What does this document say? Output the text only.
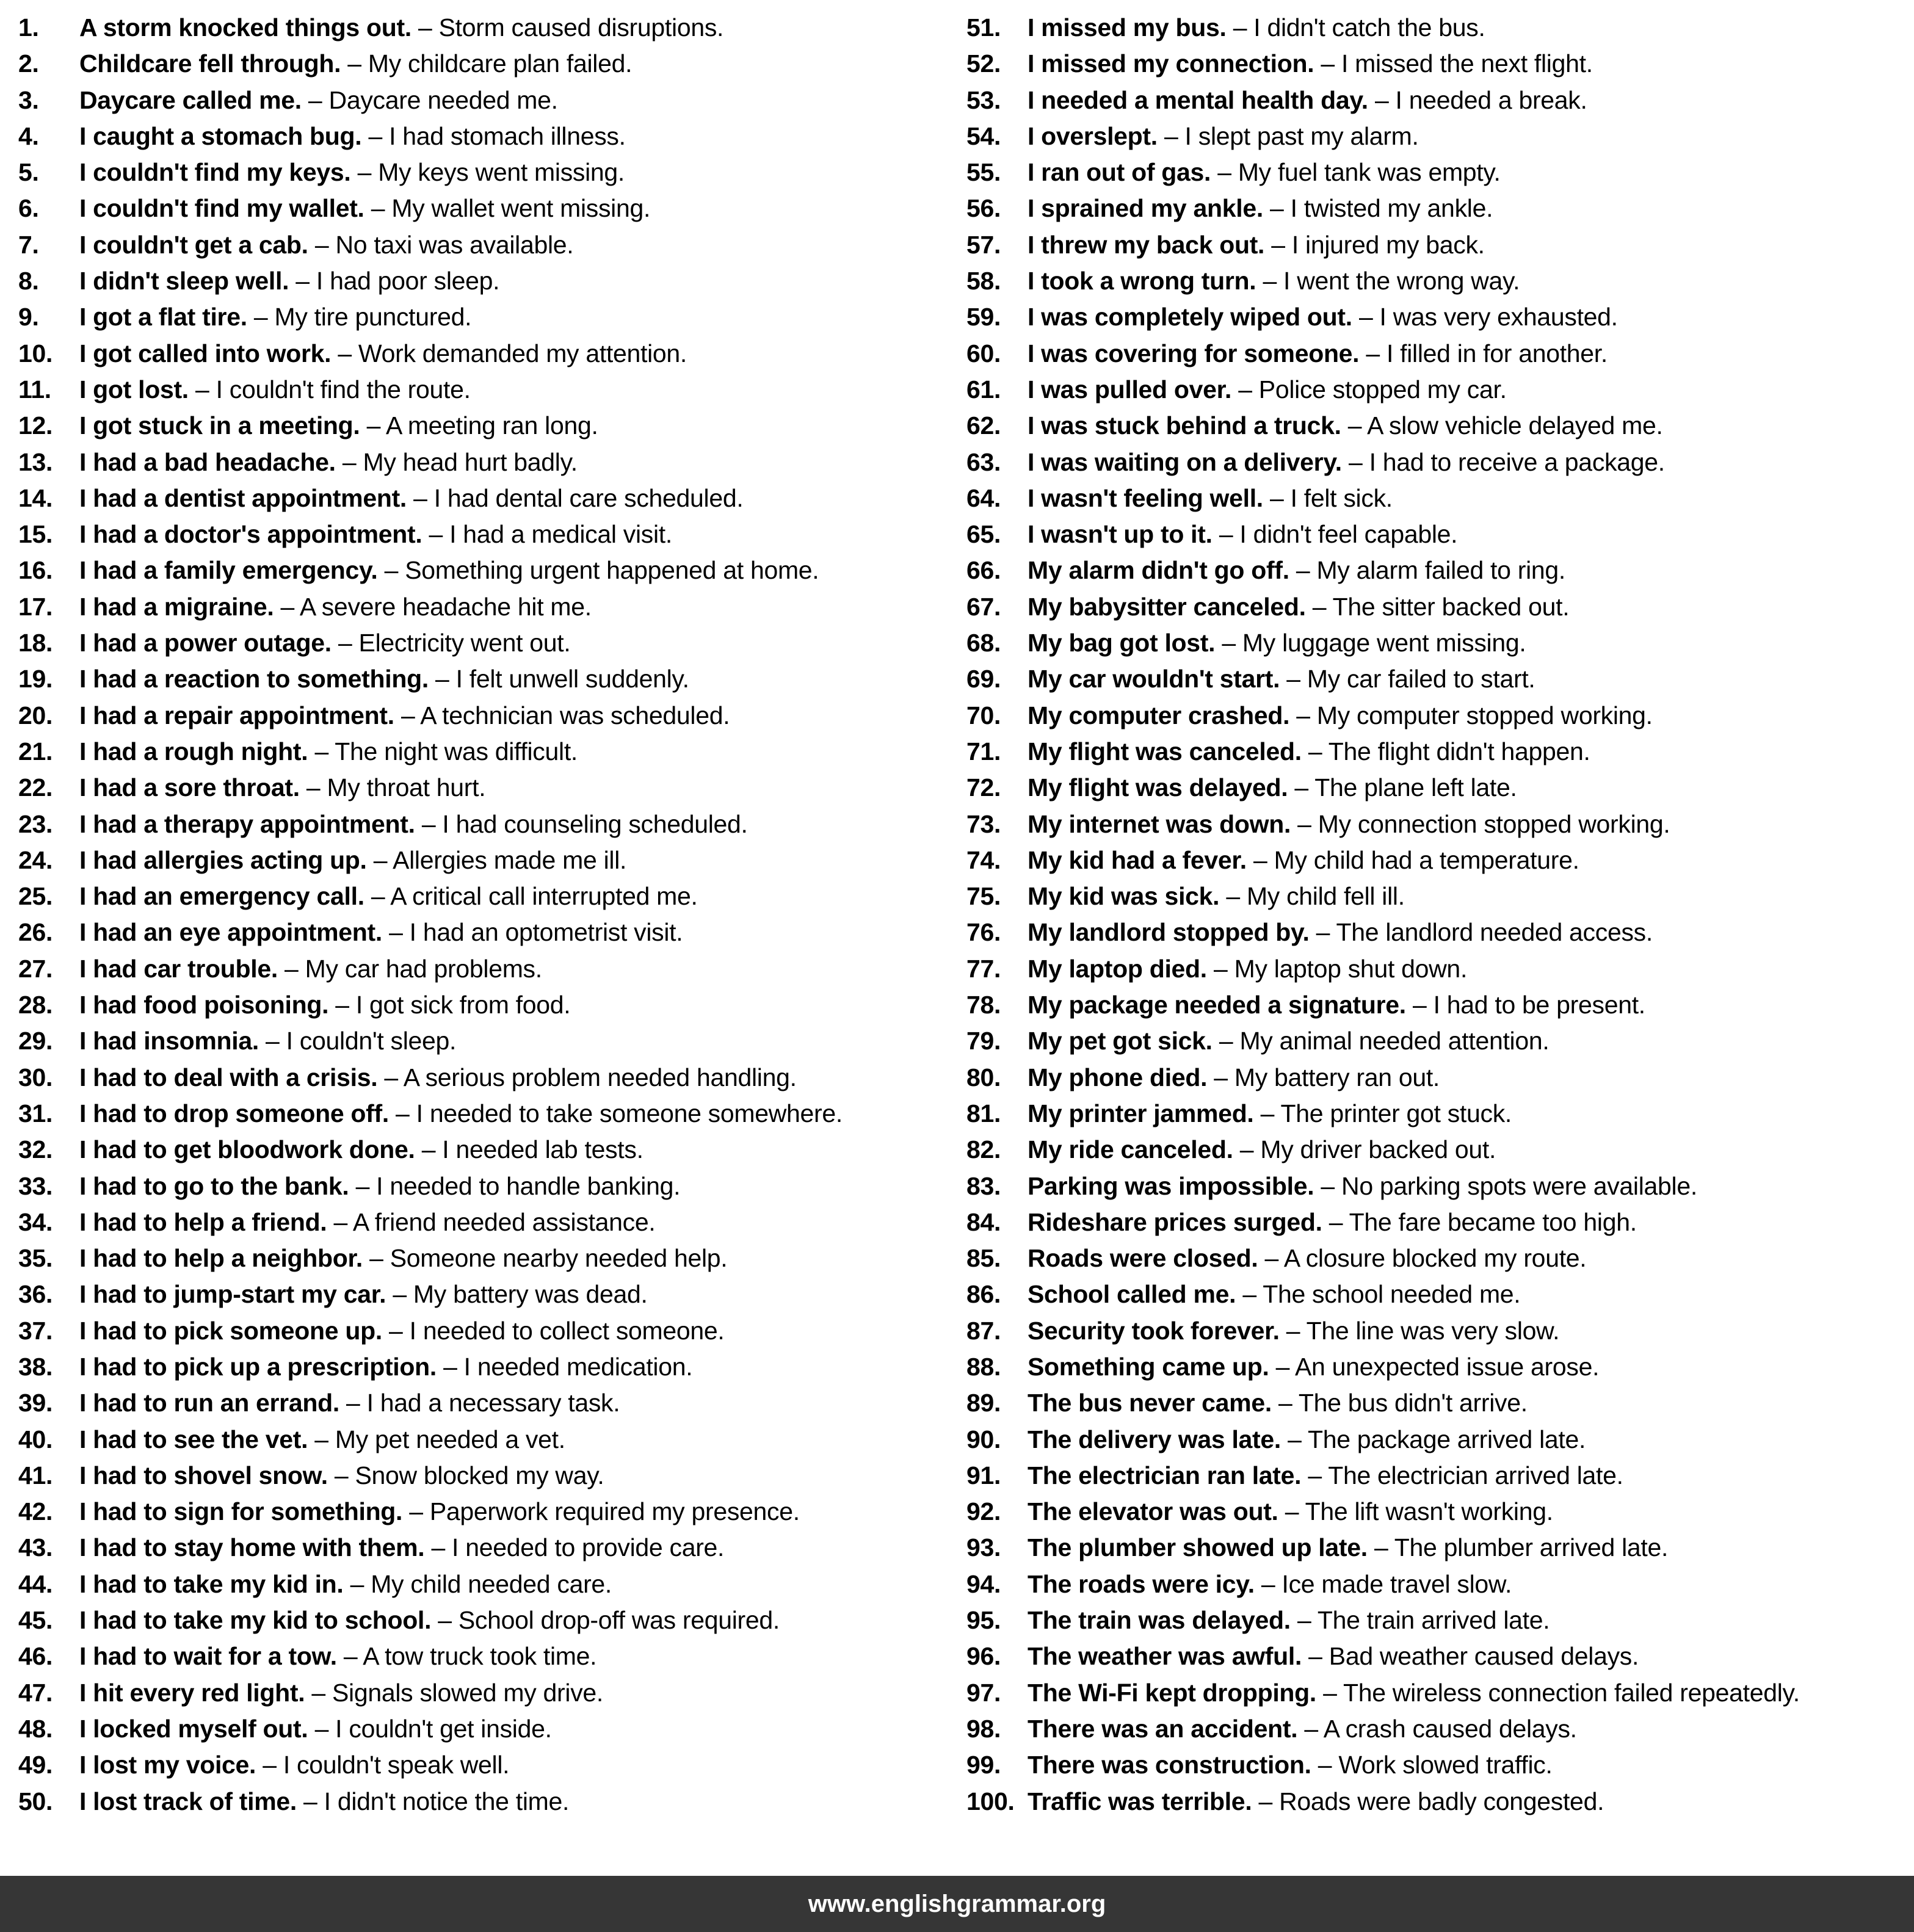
1.	A storm knocked things out. – Storm caused disruptions.
2.	Childcare fell through. – My childcare plan failed.
3.	Daycare called me. – Daycare needed me.
4.	I caught a stomach bug. – I had stomach illness.
5.	I couldn't find my keys. – My keys went missing.
6.	I couldn't find my wallet. – My wallet went missing.
7.	I couldn't get a cab. – No taxi was available.
8.	I didn't sleep well. – I had poor sleep.
9.	I got a flat tire. – My tire punctured.
10.	I got called into work. – Work demanded my attention.
11.	I got lost. – I couldn't find the route.
12.	I got stuck in a meeting. – A meeting ran long.
13.	I had a bad headache. – My head hurt badly.
14.	I had a dentist appointment. – I had dental care scheduled.
15.	I had a doctor's appointment. – I had a medical visit.
16.	I had a family emergency. – Something urgent happened at home.
17.	I had a migraine. – A severe headache hit me.
18.	I had a power outage. – Electricity went out.
19.	I had a reaction to something. – I felt unwell suddenly.
20.	I had a repair appointment. – A technician was scheduled.
21.	I had a rough night. – The night was difficult.
22.	I had a sore throat. – My throat hurt.
23.	I had a therapy appointment. – I had counseling scheduled.
24.	I had allergies acting up. – Allergies made me ill.
25.	I had an emergency call. – A critical call interrupted me.
26.	I had an eye appointment. – I had an optometrist visit.
27.	I had car trouble. – My car had problems.
28.	I had food poisoning. – I got sick from food.
29.	I had insomnia. – I couldn't sleep.
30.	I had to deal with a crisis. – A serious problem needed handling.
31.	I had to drop someone off. – I needed to take someone somewhere.
32.	I had to get bloodwork done. – I needed lab tests.
33.	I had to go to the bank. – I needed to handle banking.
34.	I had to help a friend. – A friend needed assistance.
35.	I had to help a neighbor. – Someone nearby needed help.
36.	I had to jump-start my car. – My battery was dead.
37.	I had to pick someone up. – I needed to collect someone.
38.	I had to pick up a prescription. – I needed medication.
39.	I had to run an errand. – I had a necessary task.
40.	I had to see the vet. – My pet needed a vet.
41.	I had to shovel snow. – Snow blocked my way.
42.	I had to sign for something. – Paperwork required my presence.
43.	I had to stay home with them. – I needed to provide care.
44.	I had to take my kid in. – My child needed care.
45.	I had to take my kid to school. – School drop-off was required.
46.	I had to wait for a tow. – A tow truck took time.
47.	I hit every red light. – Signals slowed my drive.
48.	I locked myself out. – I couldn't get inside.
49.	I lost my voice. – I couldn't speak well.
50.	I lost track of time. – I didn't notice the time.
51.	I missed my bus. – I didn't catch the bus.
52.	I missed my connection. – I missed the next flight.
53.	I needed a mental health day. – I needed a break.
54.	I overslept. – I slept past my alarm.
55.	I ran out of gas. – My fuel tank was empty.
56.	I sprained my ankle. – I twisted my ankle.
57.	I threw my back out. – I injured my back.
58.	I took a wrong turn. – I went the wrong way.
59.	I was completely wiped out. – I was very exhausted.
60.	I was covering for someone. – I filled in for another.
61.	I was pulled over. – Police stopped my car.
62.	I was stuck behind a truck. – A slow vehicle delayed me.
63.	I was waiting on a delivery. – I had to receive a package.
64.	I wasn't feeling well. – I felt sick.
65.	I wasn't up to it. – I didn't feel capable.
66.	My alarm didn't go off. – My alarm failed to ring.
67.	My babysitter canceled. – The sitter backed out.
68.	My bag got lost. – My luggage went missing.
69.	My car wouldn't start. – My car failed to start.
70.	My computer crashed. – My computer stopped working.
71.	My flight was canceled. – The flight didn't happen.
72.	My flight was delayed. – The plane left late.
73.	My internet was down. – My connection stopped working.
74.	My kid had a fever. – My child had a temperature.
75.	My kid was sick. – My child fell ill.
76.	My landlord stopped by. – The landlord needed access.
77.	My laptop died. – My laptop shut down.
78.	My package needed a signature. – I had to be present.
79.	My pet got sick. – My animal needed attention.
80.	My phone died. – My battery ran out.
81.	My printer jammed. – The printer got stuck.
82.	My ride canceled. – My driver backed out.
83.	Parking was impossible. – No parking spots were available.
84.	Rideshare prices surged. – The fare became too high.
85.	Roads were closed. – A closure blocked my route.
86.	School called me. – The school needed me.
87.	Security took forever. – The line was very slow.
88.	Something came up. – An unexpected issue arose.
89.	The bus never came. – The bus didn't arrive.
90.	The delivery was late. – The package arrived late.
91.	The electrician ran late. – The electrician arrived late.
92.	The elevator was out. – The lift wasn't working.
93.	The plumber showed up late. – The plumber arrived late.
94.	The roads were icy. – Ice made travel slow.
95.	The train was delayed. – The train arrived late.
96.	The weather was awful. – Bad weather caused delays.
97.	The Wi-Fi kept dropping. – The wireless connection failed repeatedly.
98.	There was an accident. – A crash caused delays.
99.	There was construction. – Work slowed traffic.
100. Traffic was terrible. – Roads were badly congested.
www.englishgrammar.org
